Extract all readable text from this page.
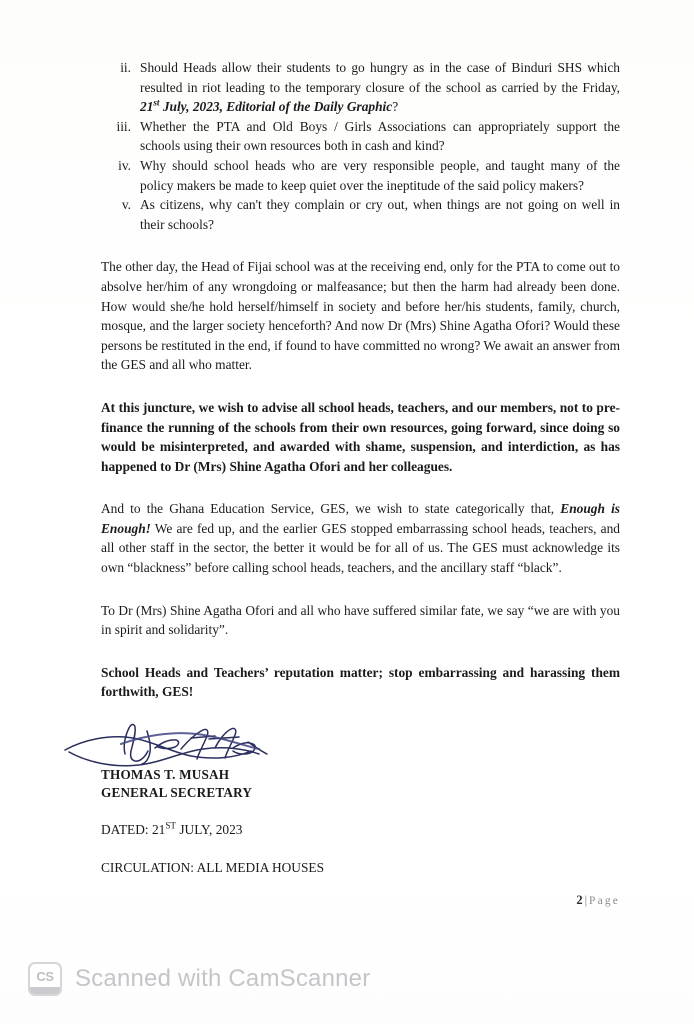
ii. Should Heads allow their students to go hungry as in the case of Binduri SHS which resulted in riot leading to the temporary closure of the school as carried by the Friday, 21st July, 2023, Editorial of the Daily Graphic?
iii. Whether the PTA and Old Boys / Girls Associations can appropriately support the schools using their own resources both in cash and kind?
iv. Why should school heads who are very responsible people, and taught many of the policy makers be made to keep quiet over the ineptitude of the said policy makers?
v. As citizens, why can't they complain or cry out, when things are not going on well in their schools?

The other day, the Head of Fijai school was at the receiving end, only for the PTA to come out to absolve her/him of any wrongdoing or malfeasance; but then the harm had already been done. How would she/he hold herself/himself in society and before her/his students, family, church, mosque, and the larger society henceforth? And now Dr (Mrs) Shine Agatha Ofori? Would these persons be restituted in the end, if found to have committed no wrong? We await an answer from the GES and all who matter.

At this juncture, we wish to advise all school heads, teachers, and our members, not to pre-finance the running of the schools from their own resources, going forward, since doing so would be misinterpreted, and awarded with shame, suspension, and interdiction, as has happened to Dr (Mrs) Shine Agatha Ofori and her colleagues.

And to the Ghana Education Service, GES, we wish to state categorically that, Enough is Enough! We are fed up, and the earlier GES stopped embarrassing school heads, teachers, and all other staff in the sector, the better it would be for all of us. The GES must acknowledge its own “blackness” before calling school heads, teachers, and the ancillary staff “black”.

To Dr (Mrs) Shine Agatha Ofori and all who have suffered similar fate, we say “we are with you in spirit and solidarity”.

School Heads and Teachers’ reputation matter; stop embarrassing and harassing them forthwith, GES!

THOMAS T. MUSAH
GENERAL SECRETARY
DATED: 21ST JULY, 2023
CIRCULATION: ALL MEDIA HOUSES
2 | Page
CS Scanned with CamScanner
